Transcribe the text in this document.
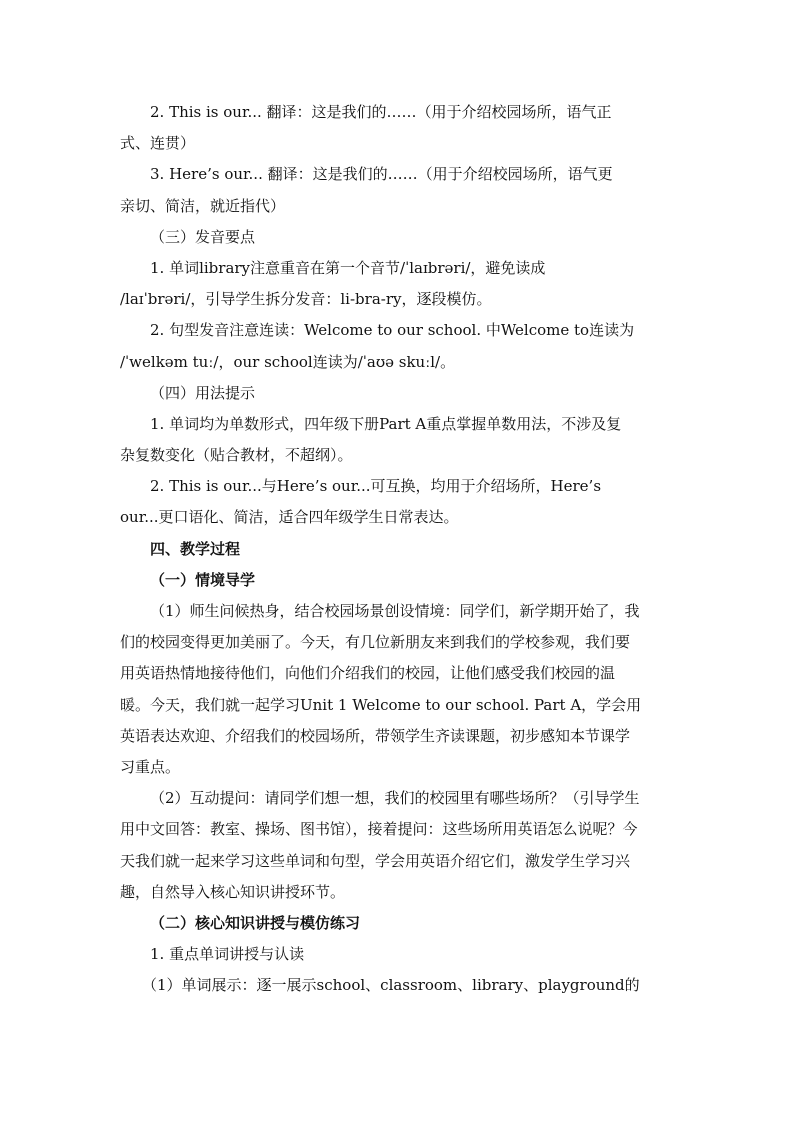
2. This is our... 翻译：这是我们的……（用于介绍校园场所，语气正
式、连贯）
3. Here’s our... 翻译：这是我们的……（用于介绍校园场所，语气更
亲切、简洁，就近指代）
（三）发音要点
1. 单词library注意重音在第一个音节/ˈlaɪbrəri/，避免读成
/laɪˈbrəri/，引导学生拆分发音：li-bra-ry，逐段模仿。
2. 句型发音注意连读：Welcome to our school. 中Welcome to连读为
/ˈwelkəm tuː/，our school连读为/ˈaʊə skuːl/。
（四）用法提示
1. 单词均为单数形式，四年级下册Part A重点掌握单数用法，不涉及复
杂复数变化（贴合教材，不超纲）。
2. This is our...与Here’s our...可互换，均用于介绍场所，Here’s
our...更口语化、简洁，适合四年级学生日常表达。
四、教学过程
（一）情境导学
（1）师生问候热身，结合校园场景创设情境：同学们，新学期开始了，我
们的校园变得更加美丽了。今天，有几位新朋友来到我们的学校参观，我们要
用英语热情地接待他们，向他们介绍我们的校园，让他们感受我们校园的温
暖。今天，我们就一起学习Unit 1 Welcome to our school. Part A，学会用
英语表达欢迎、介绍我们的校园场所，带领学生齐读课题，初步感知本节课学
习重点。
（2）互动提问：请同学们想一想，我们的校园里有哪些场所？（引导学生
用中文回答：教室、操场、图书馆），接着提问：这些场所用英语怎么说呢？今
天我们就一起来学习这些单词和句型，学会用英语介绍它们，激发学生学习兴
趣，自然导入核心知识讲授环节。
（二）核心知识讲授与模仿练习
1. 重点单词讲授与认读
（1）单词展示：逐一展示school、classroom、library、playground的
